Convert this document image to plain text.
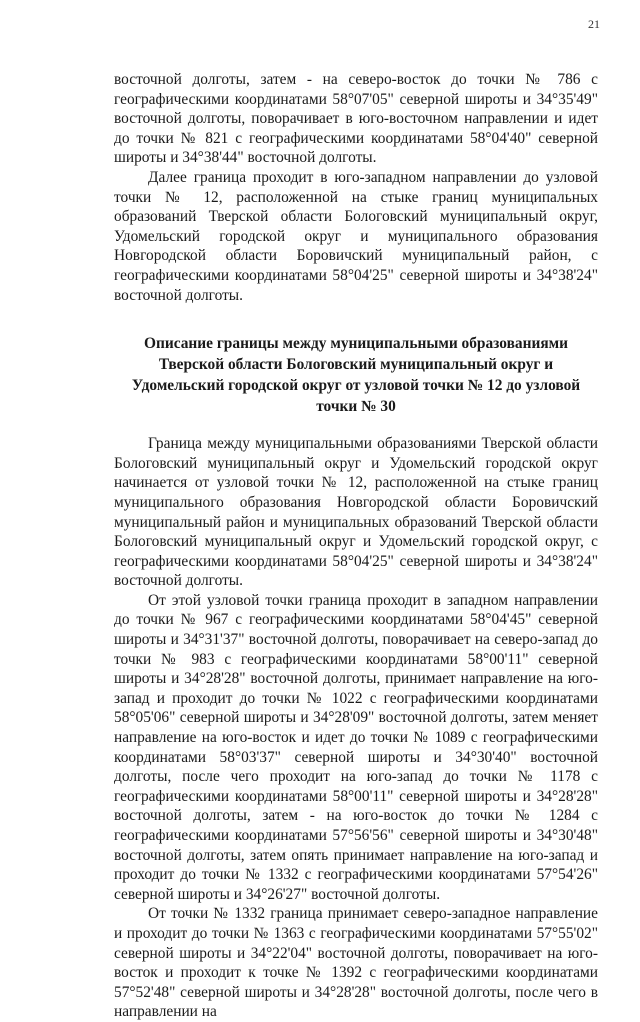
21

восточной долготы, затем - на северо-восток до точки № 786 с географическими координатами 58°07'05" северной широты и 34°35'49" восточной долготы, поворачивает в юго-восточном направлении и идет до точки № 821 с географическими координатами 58°04'40" северной широты и 34°38'44" восточной долготы.

Далее граница проходит в юго-западном направлении до узловой точки № 12, расположенной на стыке границ муниципальных образований Тверской области Бологовский муниципальный округ, Удомельский городской округ и муниципального образования Новгородской области Боровичский муниципальный район, с географическими координатами 58°04'25" северной широты и 34°38'24" восточной долготы.

Описание границы между муниципальными образованиями Тверской области Бологовский муниципальный округ и Удомельский городской округ от узловой точки № 12 до узловой точки № 30

Граница между муниципальными образованиями Тверской области Бологовский муниципальный округ и Удомельский городской округ начинается от узловой точки № 12, расположенной на стыке границ муниципального образования Новгородской области Боровичский муниципальный район и муниципальных образований Тверской области Бологовский муниципальный округ и Удомельский городской округ, с географическими координатами 58°04'25" северной широты и 34°38'24" восточной долготы.

От этой узловой точки граница проходит в западном направлении до точки № 967 с географическими координатами 58°04'45" северной широты и 34°31'37" восточной долготы, поворачивает на северо-запад до точки № 983 с географическими координатами 58°00'11" северной широты и 34°28'28" восточной долготы, принимает направление на юго-запад и проходит до точки № 1022 с географическими координатами 58°05'06" северной широты и 34°28'09" восточной долготы, затем меняет направление на юго-восток и идет до точки № 1089 с географическими координатами 58°03'37" северной широты и 34°30'40" восточной долготы, после чего проходит на юго-запад до точки № 1178 с географическими координатами 58°00'11" северной широты и 34°28'28" восточной долготы, затем - на юго-восток до точки № 1284 с географическими координатами 57°56'56" северной широты и 34°30'48" восточной долготы, затем опять принимает направление на юго-запад и проходит до точки № 1332 с географическими координатами 57°54'26" северной широты и 34°26'27" восточной долготы.

От точки № 1332 граница принимает северо-западное направление и проходит до точки № 1363 с географическими координатами 57°55'02" северной широты и 34°22'04" восточной долготы, поворачивает на юго-восток и проходит к точке № 1392 с географическими координатами 57°52'48" северной широты и 34°28'28" восточной долготы, после чего в направлении на
